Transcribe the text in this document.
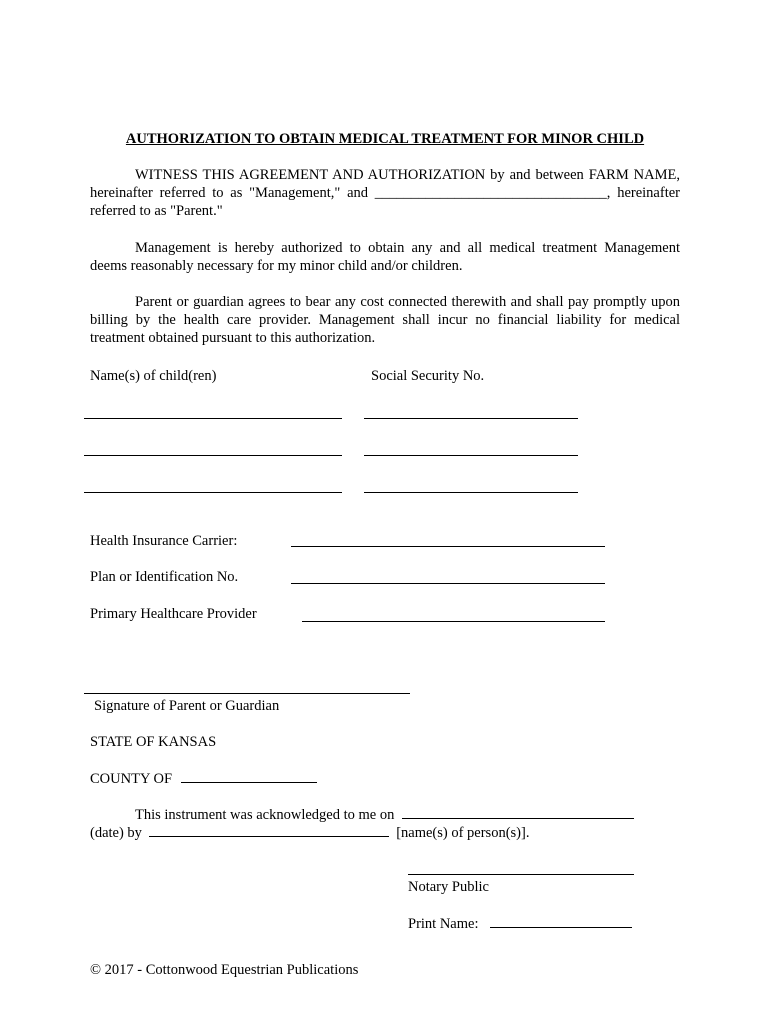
AUTHORIZATION TO OBTAIN MEDICAL TREATMENT FOR MINOR CHILD
WITNESS THIS AGREEMENT AND AUTHORIZATION by and between FARM NAME, hereinafter referred to as "Management," and ________________________________, hereinafter referred to as "Parent."
Management is hereby authorized to obtain any and all medical treatment Management deems reasonably necessary for my minor child and/or children.
Parent or guardian agrees to bear any cost connected therewith and shall pay promptly upon billing by the health care provider. Management shall incur no financial liability for medical treatment obtained pursuant to this authorization.
Name(s) of child(ren)	Social Security No.
Health Insurance Carrier:
Plan or Identification No.
Primary Healthcare Provider
Signature of Parent or Guardian
STATE OF KANSAS
COUNTY OF
This instrument was acknowledged to me on
(date) by	[name(s) of person(s)].
Notary Public
Print Name:
© 2017 - Cottonwood Equestrian Publications
